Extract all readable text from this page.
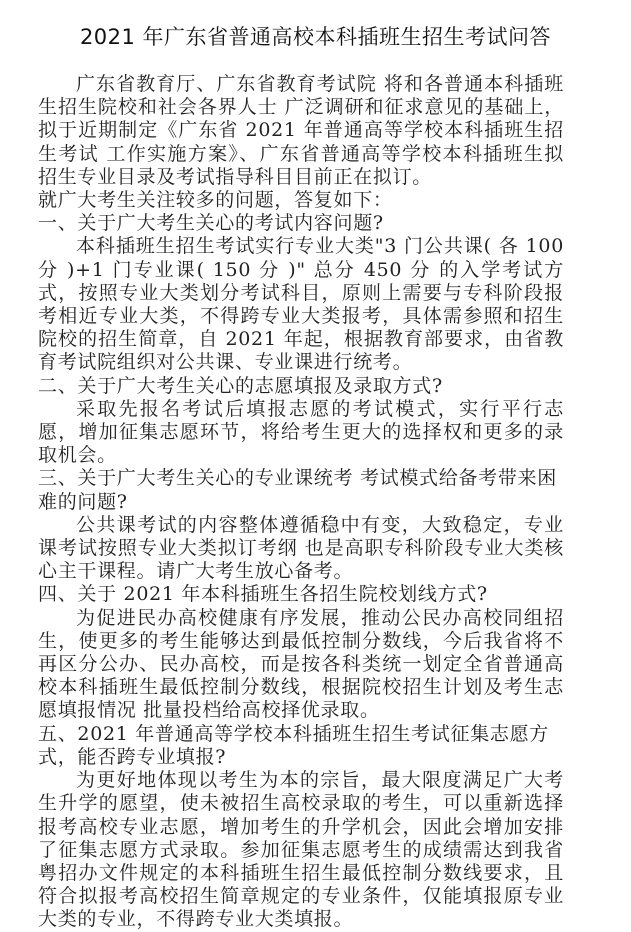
2021 年广东省普通高校本科插班生招生考试问答

广东省教育厅、广东省教育考试院 将和各普通本科插班生招生院校和社会各界人士 广泛调研和征求意见的基础上，拟于近期制定《广东省 2021 年普通高等学校本科插班生招生考试 工作实施方案》、广东省普通高等学校本科插班生拟招生专业目录及考试指导科目目前正在拟订。

就广大考生关注较多的问题，答复如下：

一、关于广大考生关心的考试内容问题?

本科插班生招生考试实行专业大类"3 门公共课( 各 100 分 )+1 门专业课( 150 分 )" 总分 450 分 的入学考试方式，按照专业大类划分考试科目，原则上需要与专科阶段报考相近专业大类，不得跨专业大类报考，具体需参照和招生院校的招生简章，自 2021 年起，根据教育部要求，由省教育考试院组织对公共课、专业课进行统考。

二、关于广大考生关心的志愿填报及录取方式?

采取先报名考试后填报志愿的考试模式，实行平行志愿，增加征集志愿环节，将给考生更大的选择权和更多的录取机会。

三、关于广大考生关心的专业课统考 考试模式给备考带来困难的问题?

公共课考试的内容整体遵循稳中有变，大致稳定，专业课考试按照专业大类拟订考纲 也是高职专科阶段专业大类核心主干课程。请广大考生放心备考。

四、关于 2021 年本科插班生各招生院校划线方式?

为促进民办高校健康有序发展，推动公民办高校同组招生，使更多的考生能够达到最低控制分数线，今后我省将不再区分公办、民办高校，而是按各科类统一划定全省普通高校本科插班生最低控制分数线，根据院校招生计划及考生志愿填报情况 批量投档给高校择优录取。

五、2021 年普通高等学校本科插班生招生考试征集志愿方式，能否跨专业填报?

为更好地体现以考生为本的宗旨，最大限度满足广大考生升学的愿望，使未被招生高校录取的考生，可以重新选择报考高校专业志愿，增加考生的升学机会，因此会增加安排了征集志愿方式录取。参加征集志愿考生的成绩需达到我省粤招办文件规定的本科插班生招生最低控制分数线要求，且符合拟报考高校招生简章规定的专业条件，仅能填报原专业大类的专业，不得跨专业大类填报。
